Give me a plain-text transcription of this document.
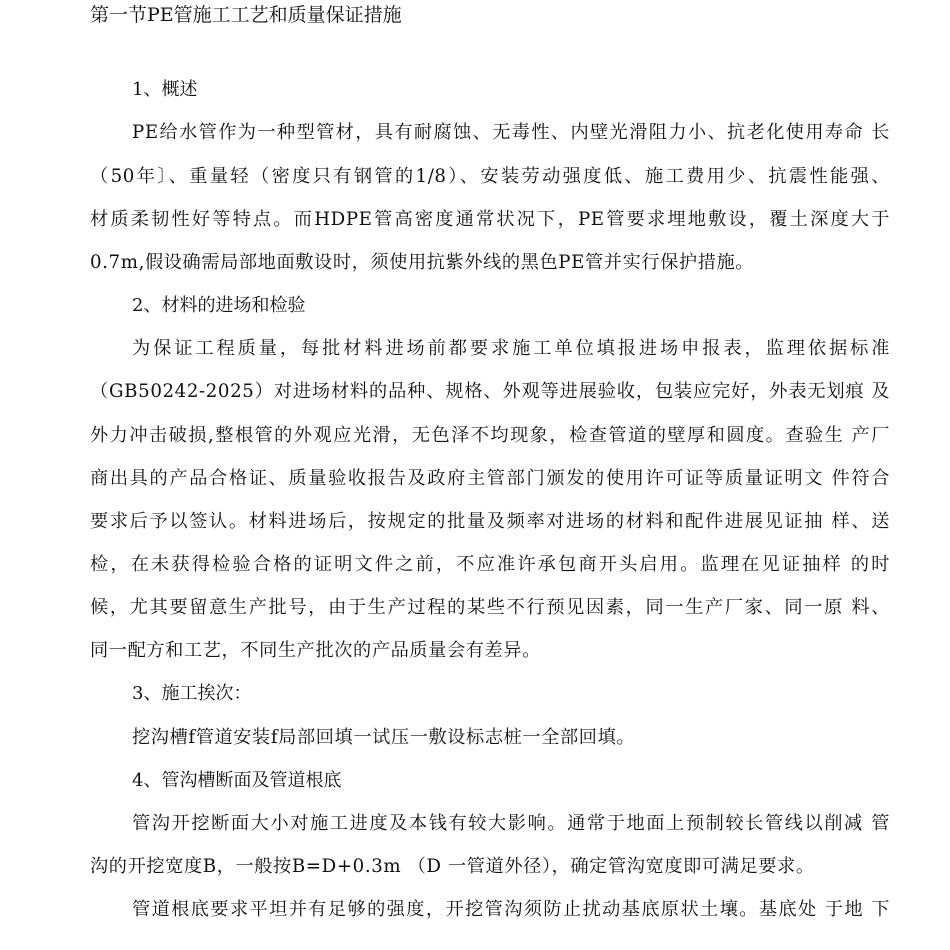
第一节PE管施工工艺和质量保证措施
1、概述
PE给水管作为一种型管材，具有耐腐蚀、无毒性、内壁光滑阻力小、抗老化使用寿命 长
（50年〕、重量轻（密度只有钢管的1/8）、安装劳动强度低、施工费用少、抗震性能强、
材质柔韧性好等特点。而HDPE管高密度通常状况下，PE管要求埋地敷设，覆土深度大于
0.7m,假设确需局部地面敷设时，须使用抗紫外线的黑色PE管并实行保护措施。
2、材料的进场和检验
为保证工程质量，每批材料进场前都要求施工单位填报进场申报表，监理依据标准
（GB50242-2025）对进场材料的品种、规格、外观等进展验收，包装应完好，外表无划痕 及
外力冲击破损,整根管的外观应光滑，无色泽不均现象，检查管道的壁厚和圆度。查验生 产厂
商出具的产品合格证、质量验收报告及政府主管部门颁发的使用许可证等质量证明文 件符合
要求后予以签认。材料进场后，按规定的批量及频率对进场的材料和配件进展见证抽 样、送
检，在未获得检验合格的证明文件之前，不应准许承包商开头启用。监理在见证抽样 的时
候，尤其要留意生产批号，由于生产过程的某些不行预见因素，同一生产厂家、同一原 料、
同一配方和工艺，不同生产批次的产品质量会有差异。
3、施工挨次：
挖沟槽f管道安装f局部回填一试压一敷设标志桩一全部回填。
4、管沟槽断面及管道根底
管沟开挖断面大小对施工进度及本钱有较大影响。通常于地面上预制较长管线以削减 管
沟的开挖宽度B，一般按B=D+0.3m （D 一管道外径），确定管沟宽度即可满足要求。
管道根底要求平坦并有足够的强度，开挖管沟须防止扰动基底原状土壤。基底处 于地 下
